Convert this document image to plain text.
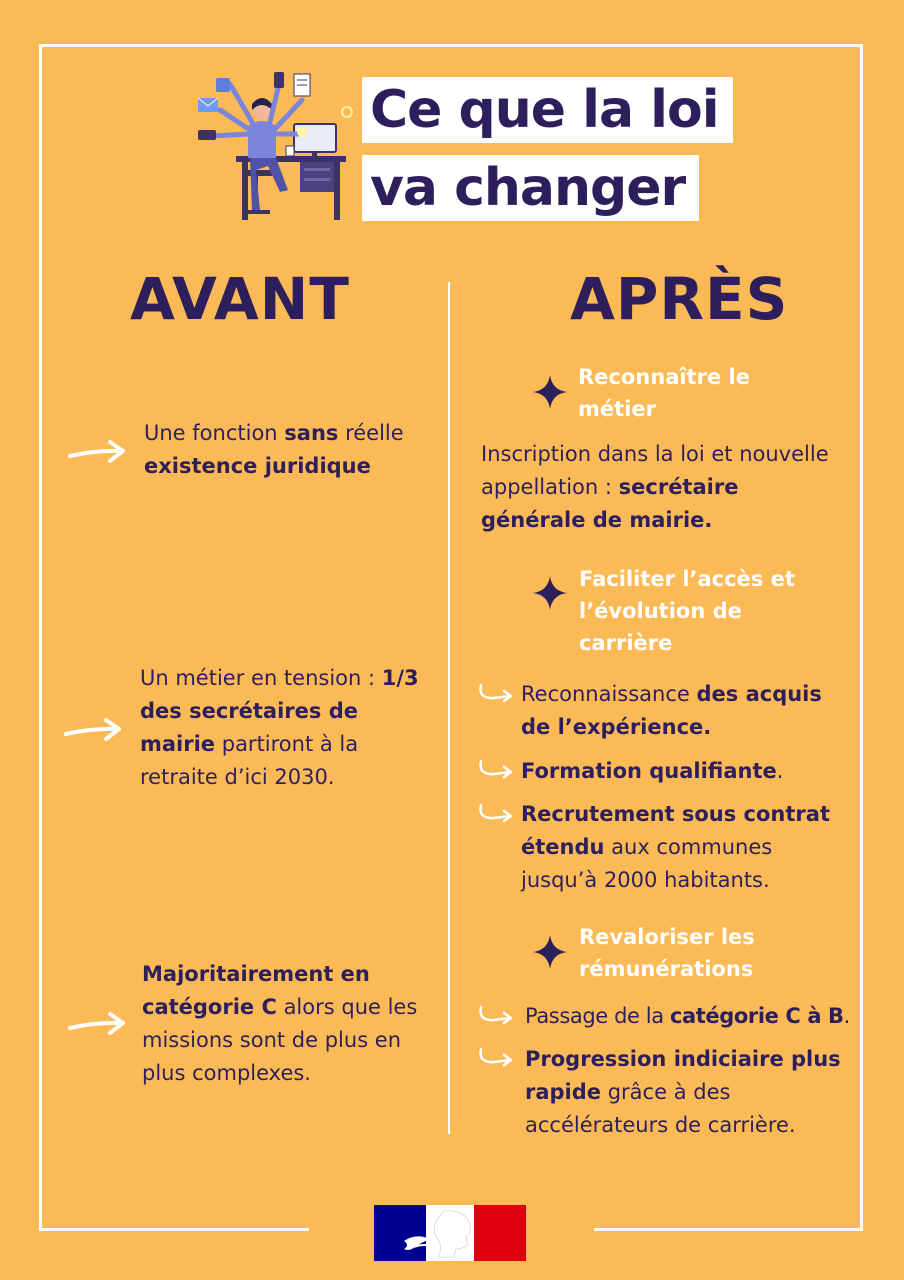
Ce que la loi
va changer
AVANT	APRÈS
Une fonction sans réelle existence juridique
Un métier en tension : 1/3 des secrétaires de mairie partiront à la retraite d’ici 2030.
Majoritairement en catégorie C alors que les missions sont de plus en plus complexes.
Reconnaître le métier
Inscription dans la loi et nouvelle appellation : secrétaire générale de mairie.
Faciliter l’accès et l’évolution de carrière
Reconnaissance des acquis de l’expérience.
Formation qualifiante.
Recrutement sous contrat étendu aux communes jusqu’à 2000 habitants.
Revaloriser les rémunérations
Passage de la catégorie C à B.
Progression indiciaire plus rapide grâce à des accélérateurs de carrière.
